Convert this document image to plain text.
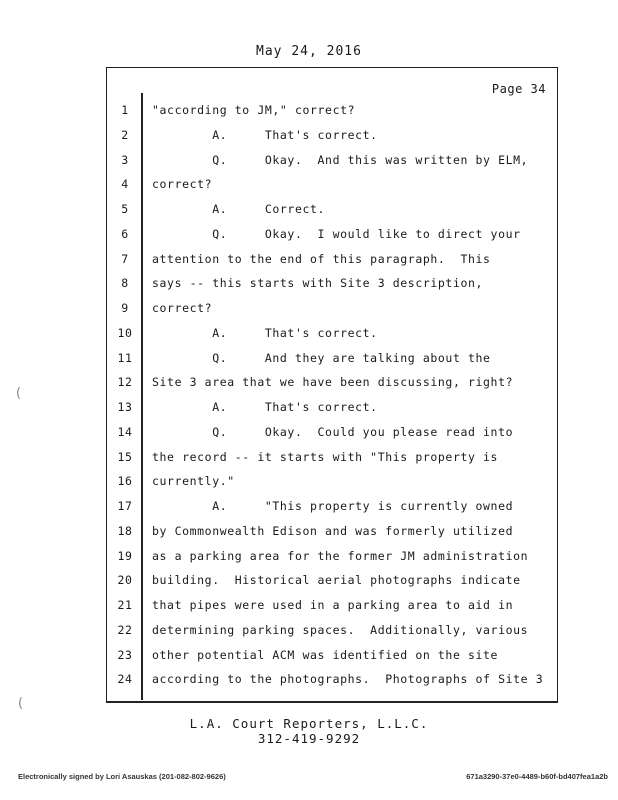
May 24, 2016
Page 34
1	"according to JM," correct?
2	A.     That's correct.
3	Q.     Okay.  And this was written by ELM,
4	correct?
5	A.     Correct.
6	Q.     Okay.  I would like to direct your
7	attention to the end of this paragraph.  This
8	says -- this starts with Site 3 description,
9	correct?
10	A.     That's correct.
11	Q.     And they are talking about the
12	Site 3 area that we have been discussing, right?
13	A.     That's correct.
14	Q.     Okay.  Could you please read into
15	the record -- it starts with "This property is
16	currently."
17	A.     "This property is currently owned
18	by Commonwealth Edison and was formerly utilized
19	as a parking area for the former JM administration
20	building.  Historical aerial photographs indicate
21	that pipes were used in a parking area to aid in
22	determining parking spaces.  Additionally, various
23	other potential ACM was identified on the site
24	according to the photographs.  Photographs of Site 3
L.A. Court Reporters, L.L.C.
312-419-9292
Electronically signed by Lori Asauskas (201-082-802-9626)	671a3290-37e0-4489-b60f-bd407fea1a2b
(
(
